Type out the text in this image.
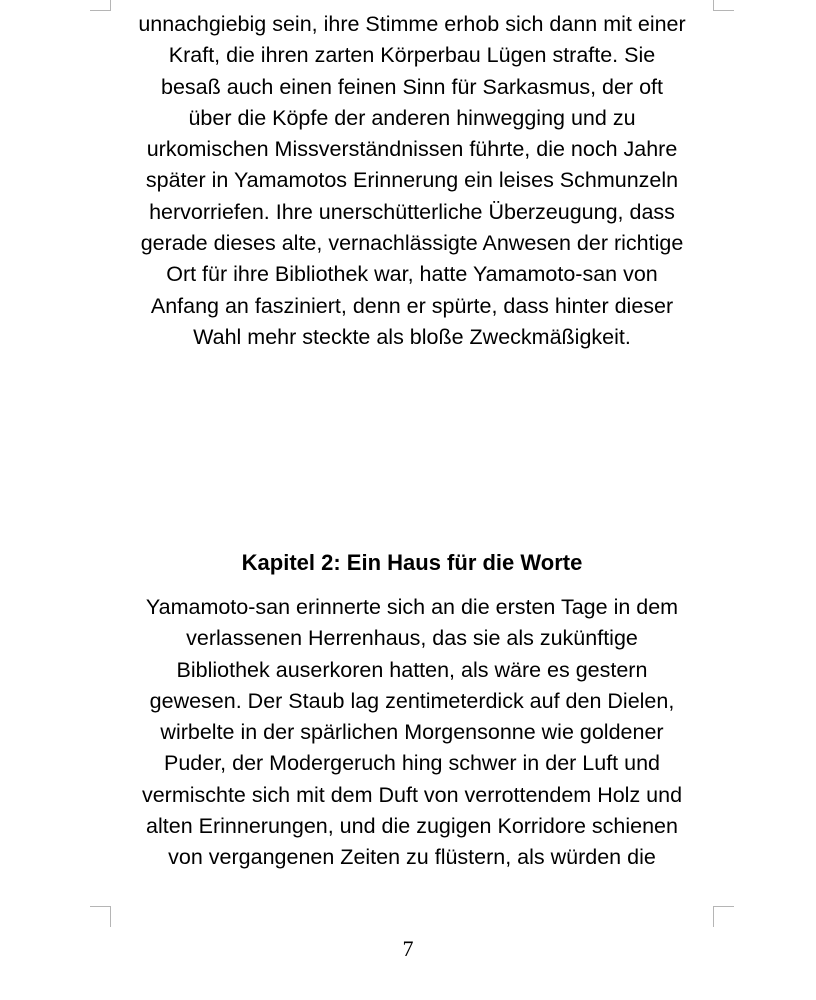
unnachgiebig sein, ihre Stimme erhob sich dann mit einer
Kraft, die ihren zarten Körperbau Lügen strafte. Sie
besaß auch einen feinen Sinn für Sarkasmus, der oft
über die Köpfe der anderen hinwegging und zu
urkomischen Missverständnissen führte, die noch Jahre
später in Yamamotos Erinnerung ein leises Schmunzeln
hervorriefen. Ihre unerschütterliche Überzeugung, dass
gerade dieses alte, vernachlässigte Anwesen der richtige
Ort für ihre Bibliothek war, hatte Yamamoto-san von
Anfang an fasziniert, denn er spürte, dass hinter dieser
Wahl mehr steckte als bloße Zweckmäßigkeit.

Kapitel 2: Ein Haus für die Worte

Yamamoto-san erinnerte sich an die ersten Tage in dem
verlassenen Herrenhaus, das sie als zukünftige
Bibliothek auserkoren hatten, als wäre es gestern
gewesen. Der Staub lag zentimeterdick auf den Dielen,
wirbelte in der spärlichen Morgensonne wie goldener
Puder, der Modergeruch hing schwer in der Luft und
vermischte sich mit dem Duft von verrottendem Holz und
alten Erinnerungen, und die zugigen Korridore schienen
von vergangenen Zeiten zu flüstern, als würden die

7
